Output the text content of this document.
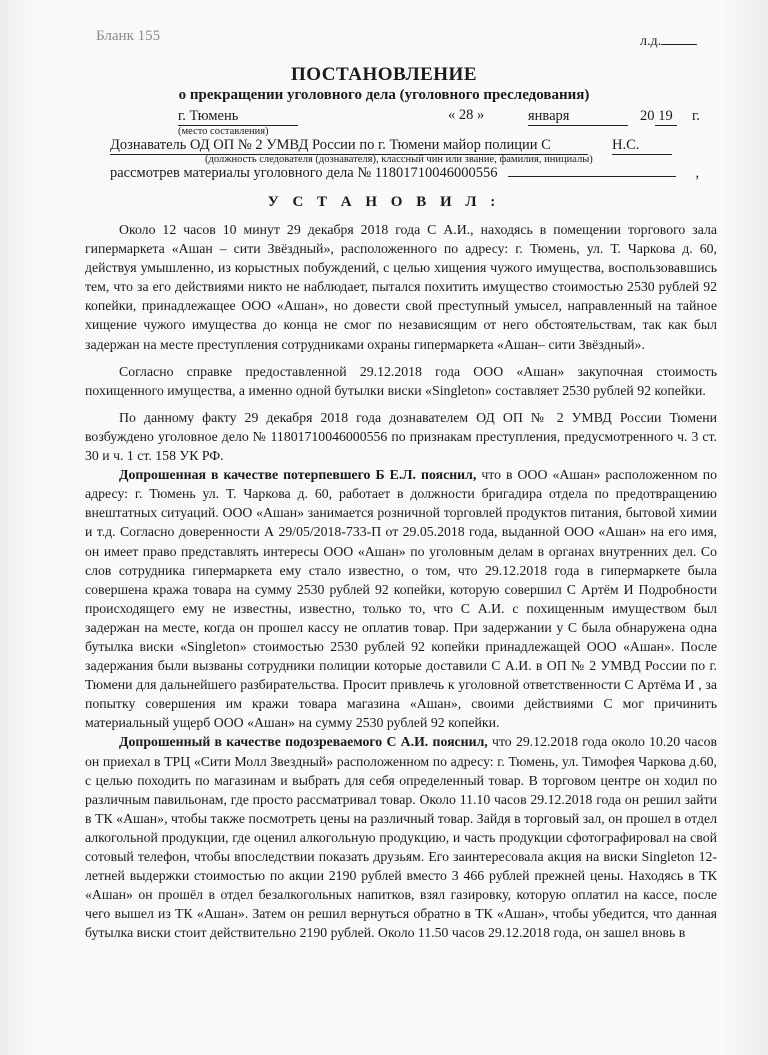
Бланк 155	л.д.
ПОСТАНОВЛЕНИЕ
о прекращении уголовного дела (уголовного преследования)
г. Тюмень	« 28 »	января	20 19 г.
(место составления)
Дознаватель ОД ОП № 2 УМВД России по г. Тюмени майор полиции С	Н.С.
(должность следователя (дознавателя), классный чин или звание, фамилия, инициалы)
рассмотрев материалы уголовного дела № 11801710046000556	,
У С Т А Н О В И Л :

Около 12 часов 10 минут 29 декабря 2018 года С А.И., находясь в помещении торгового зала гипермаркета «Ашан – сити Звёздный», расположенного по адресу: г. Тюмень, ул. Т. Чаркова д. 60, действуя умышленно, из корыстных побуждений, с целью хищения чужого имущества, воспользовавшись тем, что за его действиями никто не наблюдает, пытался похитить имущество стоимостью 2530 рублей 92 копейки, принадлежащее ООО «Ашан», но довести свой преступный умысел, направленный на тайное хищение чужого имущества до конца не смог по независящим от него обстоятельствам, так как был задержан на месте преступления сотрудниками охраны гипермаркета «Ашан– сити Звёздный».

Согласно справке предоставленной 29.12.2018 года ООО «Ашан» закупочная стоимость похищенного имущества, а именно одной бутылки виски «Singleton» составляет 2530 рублей 92 копейки.

По данному факту 29 декабря 2018 года дознавателем ОД ОП № 2 УМВД России Тюмени возбуждено уголовное дело № 11801710046000556 по признакам преступления, предусмотренного ч. 3 ст. 30 и ч. 1 ст. 158 УК РФ.

Допрошенная в качестве потерпевшего Б Е.Л. пояснил, что в ООО «Ашан» расположенном по адресу: г. Тюмень ул. Т. Чаркова д. 60, работает в должности бригадира отдела по предотвращению внештатных ситуаций. ООО «Ашан» занимается розничной торговлей продуктов питания, бытовой химии и т.д. Согласно доверенности А 29/05/2018-733-П от 29.05.2018 года, выданной ООО «Ашан» на его имя, он имеет право представлять интересы ООО «Ашан» по уголовным делам в органах внутренних дел. Со слов сотрудника гипермаркета ему стало известно, о том, что 29.12.2018 года в гипермаркете была совершена кража товара на сумму 2530 рублей 92 копейки, которую совершил С Артём И Подробности происходящего ему не известны, известно, только то, что С А.И. с похищенным имуществом был задержан на месте, когда он прошел кассу не оплатив товар. При задержании у С была обнаружена одна бутылка виски «Singleton» стоимостью 2530 рублей 92 копейки принадлежащей ООО «Ашан». После задержания были вызваны сотрудники полиции которые доставили С А.И. в ОП № 2 УМВД России по г. Тюмени для дальнейшего разбирательства. Просит привлечь к уголовной ответственности С Артёма И , за попытку совершения им кражи товара магазина «Ашан», своими действиями С мог причинить материальный ущерб ООО «Ашан» на сумму 2530 рублей 92 копейки.

Допрошенный в качестве подозреваемого С А.И. пояснил, что 29.12.2018 года около 10.20 часов он приехал в ТРЦ «Сити Молл Звездный» расположенном по адресу: г. Тюмень, ул. Тимофея Чаркова д.60, с целью походить по магазинам и выбрать для себя определенный товар. В торговом центре он ходил по различным павильонам, где просто рассматривал товар. Около 11.10 часов 29.12.2018 года он решил зайти в ТК «Ашан», чтобы также посмотреть цены на различный товар. Зайдя в торговый зал, он прошел в отдел алкогольной продукции, где оценил алкогольную продукцию, и часть продукции сфотографировал на свой сотовый телефон, чтобы впоследствии показать друзьям. Его заинтересовала акция на виски Singleton 12-летней выдержки стоимостью по акции 2190 рублей вместо 3 466 рублей прежней цены. Находясь в ТК «Ашан» он прошёл в отдел безалкогольных напитков, взял газировку, которую оплатил на кассе, после чего вышел из ТК «Ашан». Затем он решил вернуться обратно в ТК «Ашан», чтобы убедится, что данная бутылка виски стоит действительно 2190 рублей. Около 11.50 часов 29.12.2018 года, он зашел вновь в
